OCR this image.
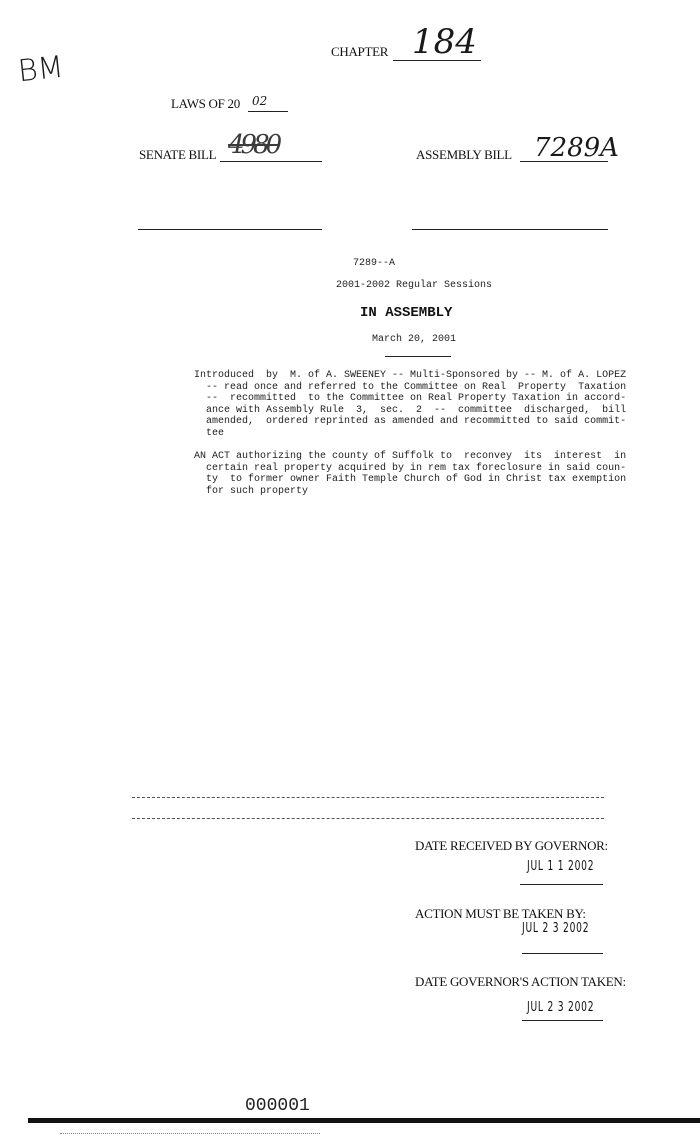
BM	CHAPTER 184
LAWS OF 20 02
SENATE BILL 4980	ASSEMBLY BILL 7289A
7289--A
2001-2002 Regular Sessions
IN ASSEMBLY
March 20, 2001

Introduced  by  M. of A. SWEENEY -- Multi-Sponsored by -- M. of A. LOPEZ

-- read once and referred to the Committee on Real  Property  Taxation

--  recommitted  to the Committee on Real Property Taxation in accord-

ance with Assembly Rule  3,  sec.  2  --  committee  discharged,  bill

amended,  ordered reprinted as amended and recommitted to said commit-

tee

AN ACT authorizing the county of Suffolk to  reconvey  its  interest  in

certain real property acquired by in rem tax foreclosure in said coun-

ty  to former owner Faith Temple Church of God in Christ tax exemption

for such property

DATE RECEIVED BY GOVERNOR:
JUL 1 1 2002
ACTION MUST BE TAKEN BY:
JUL 2 3 2002
DATE GOVERNOR'S ACTION TAKEN:
JUL 2 3 2002
000001
